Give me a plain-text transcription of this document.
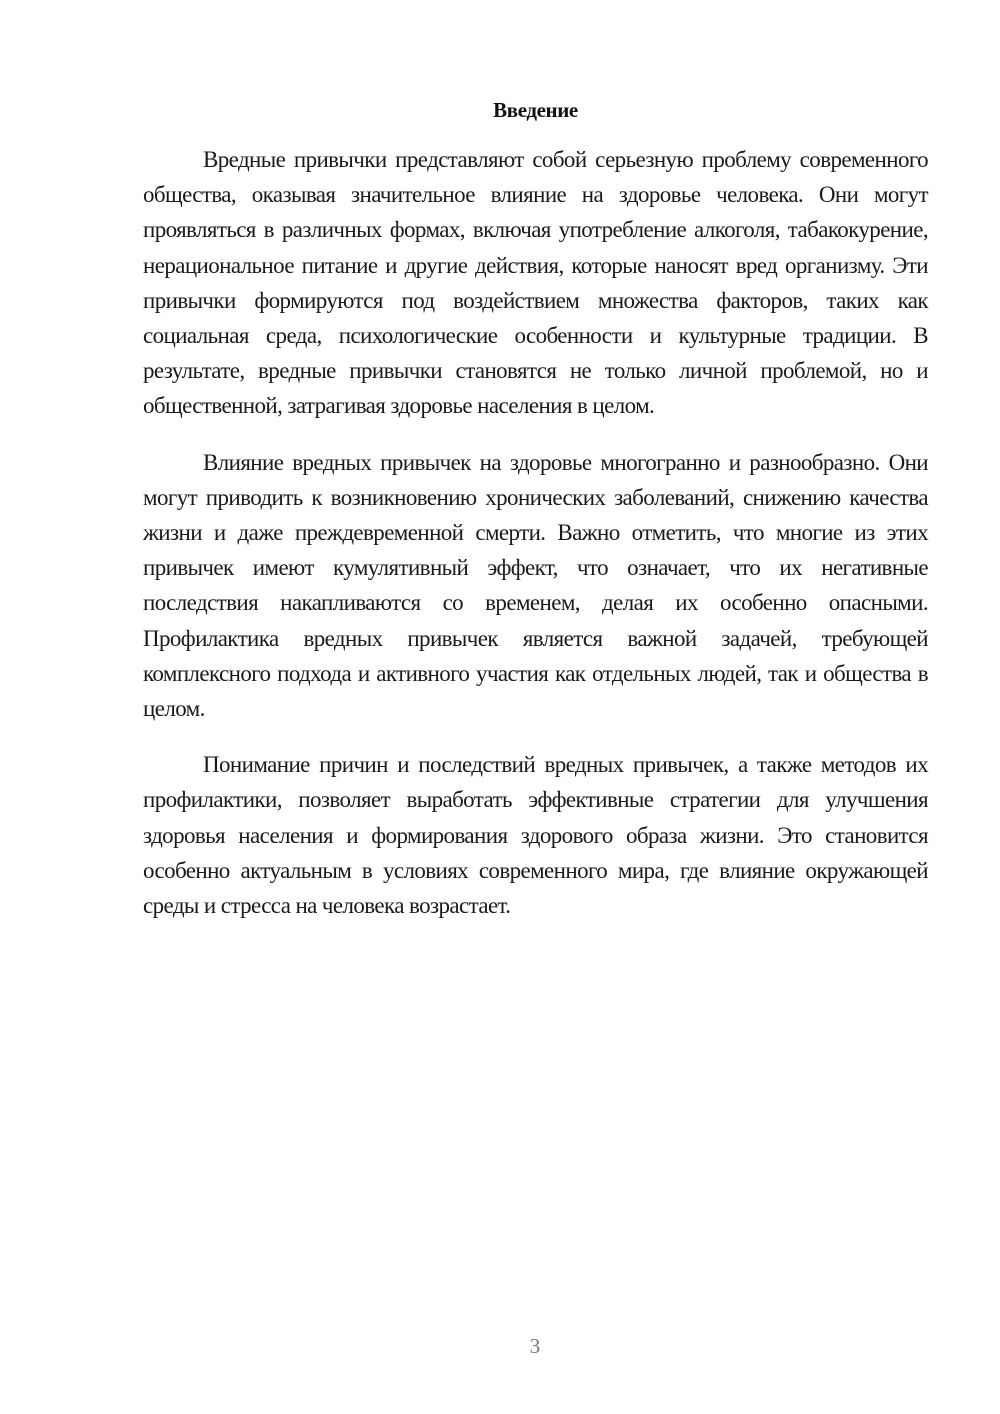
Введение

Вредные привычки представляют собой серьезную проблему современного общества, оказывая значительное влияние на здоровье человека. Они могут проявляться в различных формах, включая употребление алкоголя, табакокурение, нерациональное питание и другие действия, которые наносят вред организму. Эти привычки формируются под воздействием множества факторов, таких как социальная среда, психологические особенности и культурные традиции. В результате, вредные привычки становятся не только личной проблемой, но и общественной, затрагивая здоровье населения в целом.

Влияние вредных привычек на здоровье многогранно и разнообразно. Они могут приводить к возникновению хронических заболеваний, снижению качества жизни и даже преждевременной смерти. Важно отметить, что многие из этих привычек имеют кумулятивный эффект, что означает, что их негативные последствия накапливаются со временем, делая их особенно опасными. Профилактика вредных привычек является важной задачей, требующей комплексного подхода и активного участия как отдельных людей, так и общества в целом.

Понимание причин и последствий вредных привычек, а также методов их профилактики, позволяет выработать эффективные стратегии для улучшения здоровья населения и формирования здорового образа жизни. Это становится особенно актуальным в условиях современного мира, где влияние окружающей среды и стресса на человека возрастает.

3
